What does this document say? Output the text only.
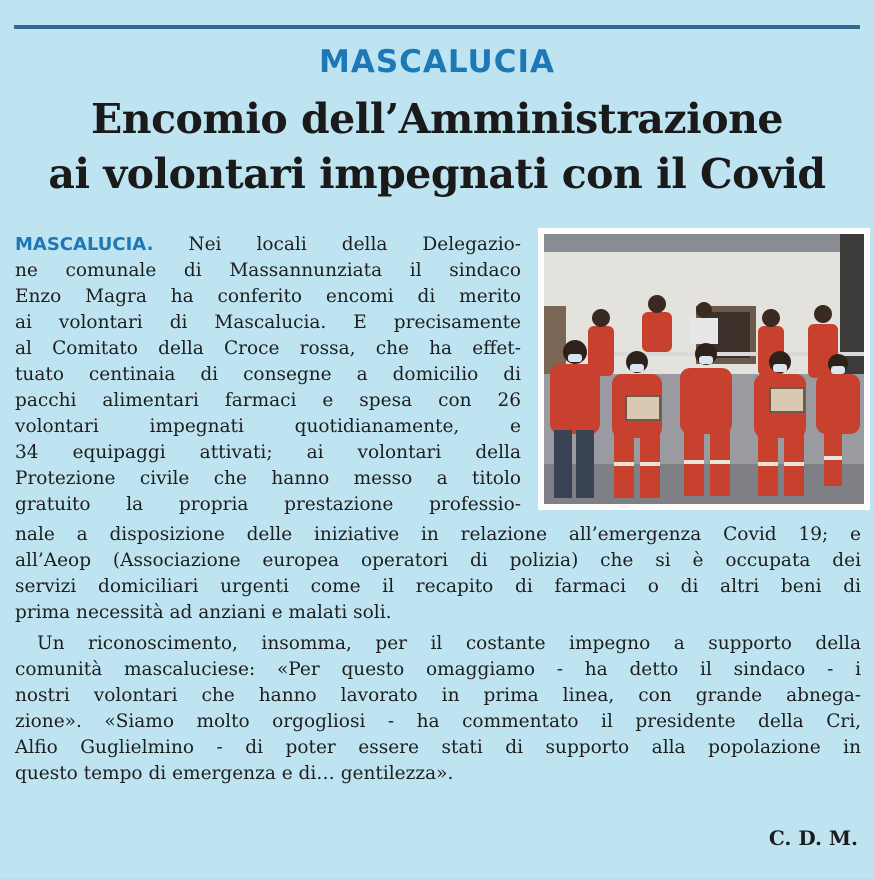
MASCALUCIA
Encomio dell’Amministrazione
ai volontari impegnati con il Covid
MASCALUCIA. Nei locali della Delegazio-
ne comunale di Massannunziata il sindaco
Enzo Magra ha conferito encomi di merito
ai volontari di Mascalucia. E precisamente
al Comitato della Croce rossa, che ha effet-
tuato centinaia di consegne a domicilio di
pacchi alimentari farmaci e spesa con 26
volontari impegnati quotidianamente, e
34 equipaggi attivati; ai volontari della
Protezione civile che hanno messo a titolo
gratuito la propria prestazione professio-
nale a disposizione delle iniziative in relazione all’emergenza Covid 19; e
all’Aeop (Associazione europea operatori di polizia) che si è occupata dei
servizi domiciliari urgenti come il recapito di farmaci o di altri beni di
prima necessità ad anziani e malati soli.
Un riconoscimento, insomma, per il costante impegno a supporto della
comunità mascaluciese: «Per questo omaggiamo - ha detto il sindaco - i
nostri volontari che hanno lavorato in prima linea, con grande abnega-
zione». «Siamo molto orgogliosi - ha commentato il presidente della Cri,
Alfio Guglielmino - di poter essere stati di supporto alla popolazione in
questo tempo di emergenza e di… gentilezza».
C. D. M.
